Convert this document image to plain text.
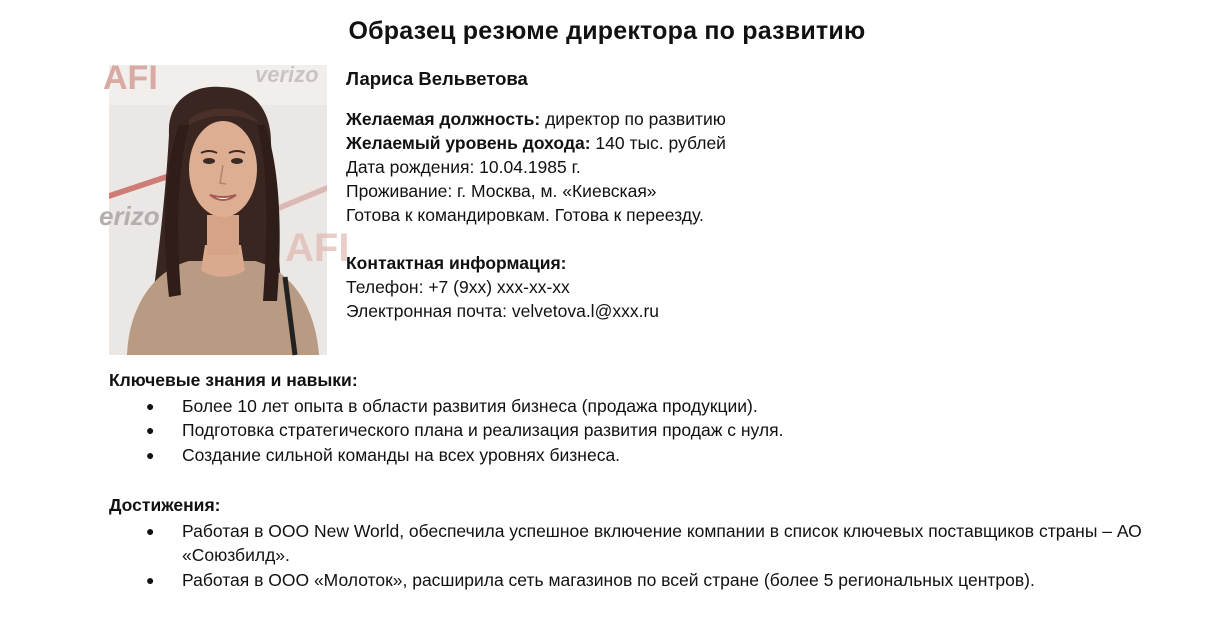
Образец резюме директора по развитию
AFI	verizo
erizo
AFI
Лариса Вельветова
Желаемая должность: директор по развитию
Желаемый уровень дохода: 140 тыс. рублей
Дата рождения: 10.04.1985 г.
Проживание: г. Москва, м. «Киевская»
Готова к командировкам. Готова к переезду.
Контактная информация:
Телефон: +7 (9хх) ххх-хх-хх
Электронная почта: velvetova.l@xxx.ru
Ключевые знания и навыки:
● Более 10 лет опыта в области развития бизнеса (продажа продукции).
● Подготовка стратегического плана и реализация развития продаж с нуля.
● Создание сильной команды на всех уровнях бизнеса.
Достижения:
● Работая в ООО New World, обеспечила успешное включение компании в список ключевых поставщиков страны – АО «Союзбилд».
● Работая в ООО «Молоток», расширила сеть магазинов по всей стране (более 5 региональных центров).
